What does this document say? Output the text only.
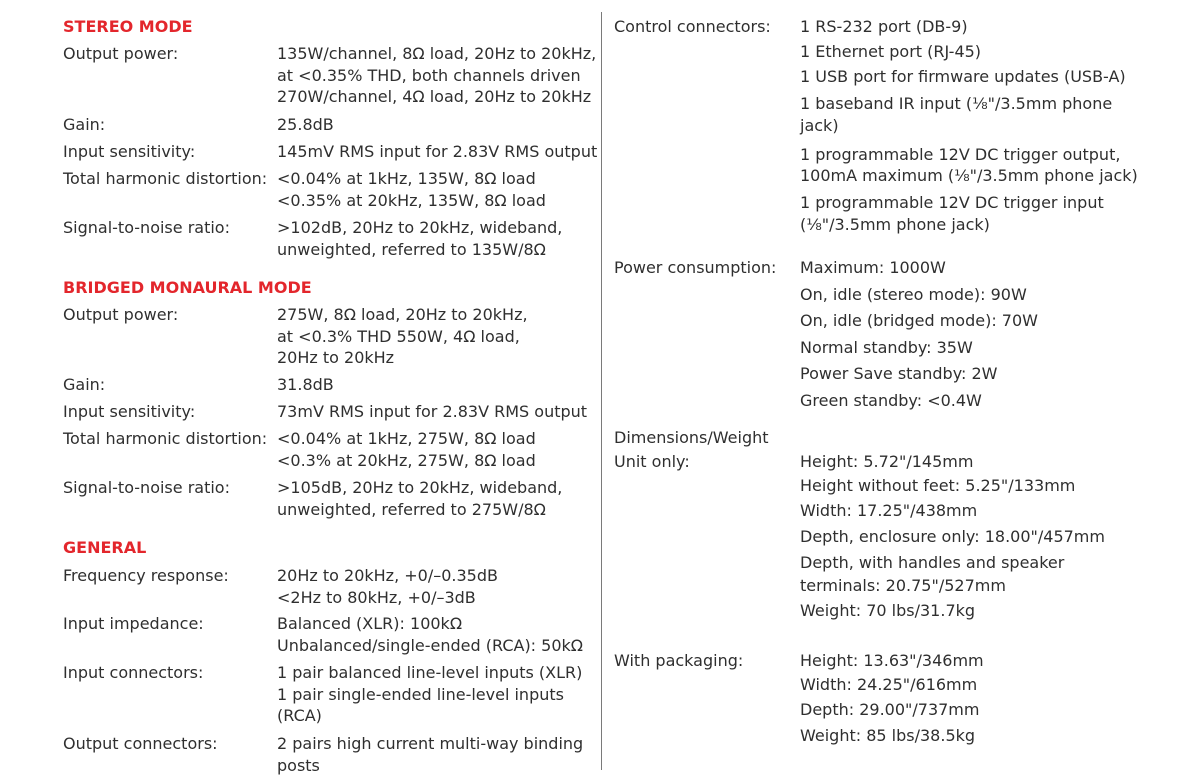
STEREO MODE
Output power:	135W/channel, 8Ω load, 20Hz to 20kHz,
at <0.35% THD, both channels driven
270W/channel, 4Ω load, 20Hz to 20kHz
Gain:	25.8dB
Input sensitivity:	145mV RMS input for 2.83V RMS output
Total harmonic distortion: <0.04% at 1kHz, 135W, 8Ω load
<0.35% at 20kHz, 135W, 8Ω load
Signal-to-noise ratio:	>102dB, 20Hz to 20kHz, wideband,
unweighted, referred to 135W/8Ω
BRIDGED MONAURAL MODE
Output power:	275W, 8Ω load, 20Hz to 20kHz,
at <0.3% THD 550W, 4Ω load,
20Hz to 20kHz
Gain:	31.8dB
Input sensitivity:	73mV RMS input for 2.83V RMS output
Total harmonic distortion: <0.04% at 1kHz, 275W, 8Ω load
<0.3% at 20kHz, 275W, 8Ω load
Signal-to-noise ratio:	>105dB, 20Hz to 20kHz, wideband,
unweighted, referred to 275W/8Ω
GENERAL
Frequency response:	20Hz to 20kHz, +0/–0.35dB
<2Hz to 80kHz, +0/–3dB
Input impedance:	Balanced (XLR): 100kΩ
Unbalanced/single-ended (RCA): 50kΩ
Input connectors:	1 pair balanced line-level inputs (XLR)
1 pair single-ended line-level inputs
(RCA)
Output connectors:	2 pairs high current multi-way binding
posts
Control connectors: 1 RS-232 port (DB-9)
1 Ethernet port (RJ-45)
1 USB port for firmware updates (USB-A)
1 baseband IR input (⅛"/3.5mm phone
jack)
1 programmable 12V DC trigger output,
100mA maximum (⅛"/3.5mm phone jack)
1 programmable 12V DC trigger input
(⅛"/3.5mm phone jack)
Power consumption: Maximum: 1000W
On, idle (stereo mode): 90W
On, idle (bridged mode): 70W
Normal standby: 35W
Power Save standby: 2W
Green standby: <0.4W
Dimensions/Weight
Unit only:	Height: 5.72"/145mm
Height without feet: 5.25"/133mm
Width: 17.25"/438mm
Depth, enclosure only: 18.00"/457mm
Depth, with handles and speaker
terminals: 20.75"/527mm
Weight: 70 lbs/31.7kg
With packaging:	Height: 13.63"/346mm
Width: 24.25"/616mm
Depth: 29.00"/737mm
Weight: 85 lbs/38.5kg
